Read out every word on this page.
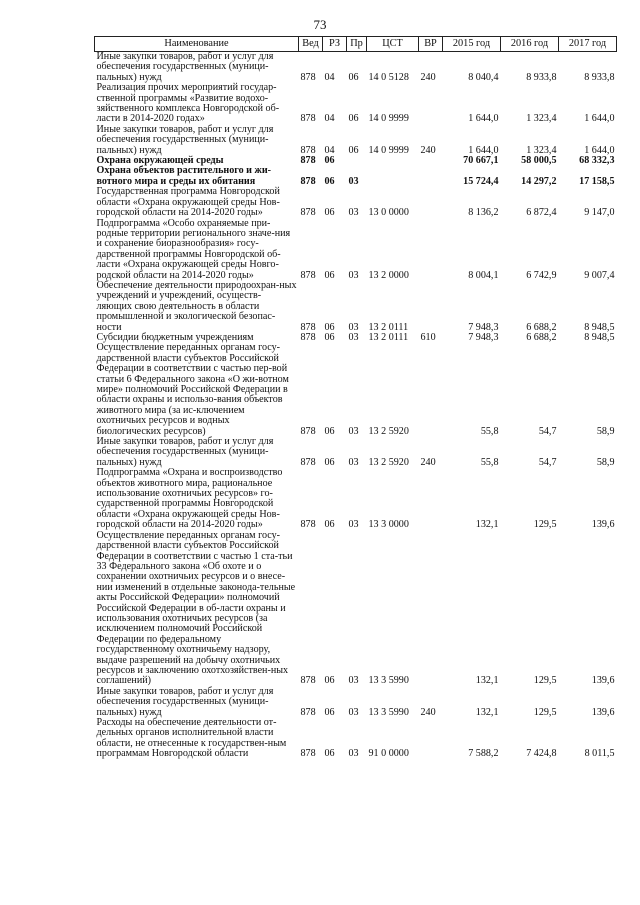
73
Наименование	Вед	РЗ	Пр	ЦСТ	ВР	2015 год	2016 год	2017 год
Иные закупки товаров, работ и услуг для обеспечения государственных (муници-пальных) нужд	878	04	06	14 0 5128	240	8 040,4	8 933,8	8 933,8
Реализация прочих мероприятий государ-ственной программы «Развитие водохо-зяйственного комплекса Новгородской об-ласти в 2014-2020 годах»	878	04	06	14 0 9999		1 644,0	1 323,4	1 644,0
Иные закупки товаров, работ и услуг для обеспечения государственных (муници-пальных) нужд	878	04	06	14 0 9999	240	1 644,0	1 323,4	1 644,0
Охрана окружающей среды	878	06				70 667,1	58 000,5	68 332,3
Охрана объектов растительного и жи-вотного мира и среды их обитания	878	06	03			15 724,4	14 297,2	17 158,5
Государственная программа Новгородской области «Охрана окружающей среды Нов-городской области на 2014-2020 годы»	878	06	03	13 0 0000		8 136,2	6 872,4	9 147,0
Подпрограмма «Особо охраняемые при-родные территории регионального значе-ния и сохранение биоразнообразия» госу-дарственной программы Новгородской об-ласти «Охрана окружающей среды Новго-родской области на 2014-2020 годы»	878	06	03	13 2 0000		8 004,1	6 742,9	9 007,4
Обеспечение деятельности природоохран-ных учреждений и учреждений, осуществ-ляющих свою деятельность в области промышленной и экологической безопас-ности	878	06	03	13 2 0111		7 948,3	6 688,2	8 948,5
Субсидии бюджетным учреждениям	878	06	03	13 2 0111	610	7 948,3	6 688,2	8 948,5
Осуществление переданных органам госу-дарственной власти субъектов Российской Федерации в соответствии с частью пер-вой статьи 6 Федерального закона «О жи-вотном мире» полномочий Российской Федерации в области охраны и использо-вания объектов животного мира (за ис-ключением охотничьих ресурсов и водных биологических ресурсов)	878	06	03	13 2 5920		55,8	54,7	58,9
Иные закупки товаров, работ и услуг для обеспечения государственных (муници-пальных) нужд	878	06	03	13 2 5920	240	55,8	54,7	58,9
Подпрограмма «Охрана и воспроизводство объектов животного мира, рациональное использование охотничьих ресурсов» го-сударственной программы Новгородской области «Охрана окружающей среды Нов-городской области на 2014-2020 годы»	878	06	03	13 3 0000		132,1	129,5	139,6
Осуществление переданных органам госу-дарственной власти субъектов Российской Федерации в соответствии с частью 1 ста-тьи 33 Федерального закона «Об охоте и о сохранении охотничьих ресурсов и о внесе-нии изменений в отдельные законода-тельные акты Российской Федерации» полномочий Российской Федерации в об-ласти охраны и использования охотничьих ресурсов (за исключением полномочий Российской Федерации по федеральному государственному охотничьему надзору, выдаче разрешений на добычу охотничьих ресурсов и заключению охотхозяйствен-ных соглашений)	878	06	03	13 3 5990		132,1	129,5	139,6
Иные закупки товаров, работ и услуг для обеспечения государственных (муници-пальных) нужд	878	06	03	13 3 5990	240	132,1	129,5	139,6
Расходы на обеспечение деятельности от-дельных органов исполнительной власти области, не отнесенные к государствен-ным программам Новгородской области	878	06	03	91 0 0000		7 588,2	7 424,8	8 011,5
